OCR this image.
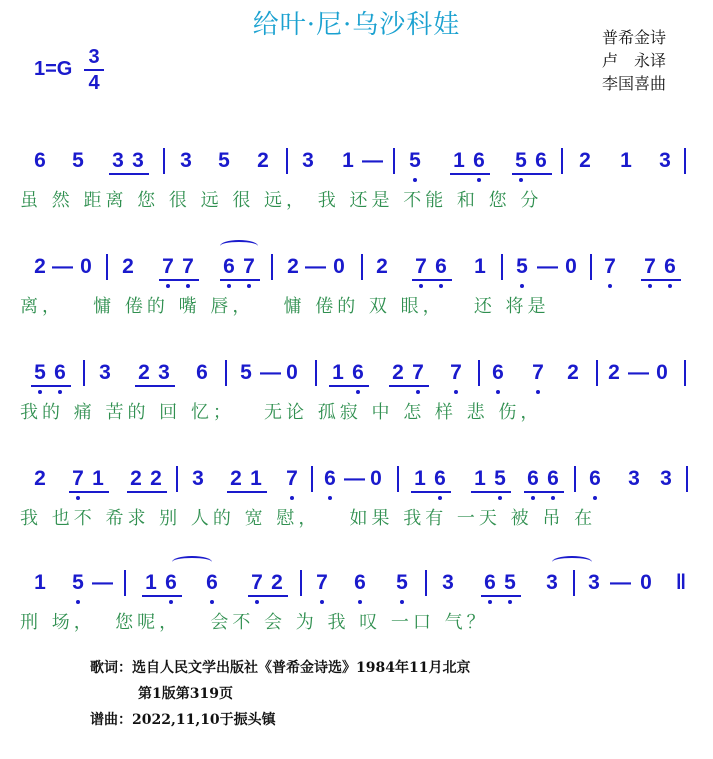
给叶·尼·乌沙科娃	普希金诗
卢　永译
李国喜曲
1=G
3
4
6 5 3 3 3 5 2 3 1 — 5 1 6 5 6 2 1 3
虽 然 距离 您 很 远 很 远， 我 还是 不能 和 您 分
2 — 0 2 7 7 6 7 2 — 0 2 7 6 1 5 — 0 7 7 6
离，   慵 倦的 嘴 唇，   慵 倦的 双 眼，   还 将是
5 6 3 2 3 6 5 — 0 1 6 2 7 7 6 7 2 2 — 0
我的 痛 苦的 回 忆；   无论 孤寂 中 怎 样 悲 伤，
2 7 1 2 2 3 2 1 7 6 — 0 1 6 1 5 6 6 6 3 3
我 也不 希求 别 人的 宽 慰，   如果 我有 一天 被 吊 在
1 5 — 1 6 6 7 2 7 6 5 3 6 5 3 3 — 0 ‖
刑 场，  您呢，   会不 会 为 我 叹 一口 气？
歌词：选自人民文学出版社《普希金诗选》1984年11月北京
第1版第319页
谱曲：2022,11,10于振头镇
